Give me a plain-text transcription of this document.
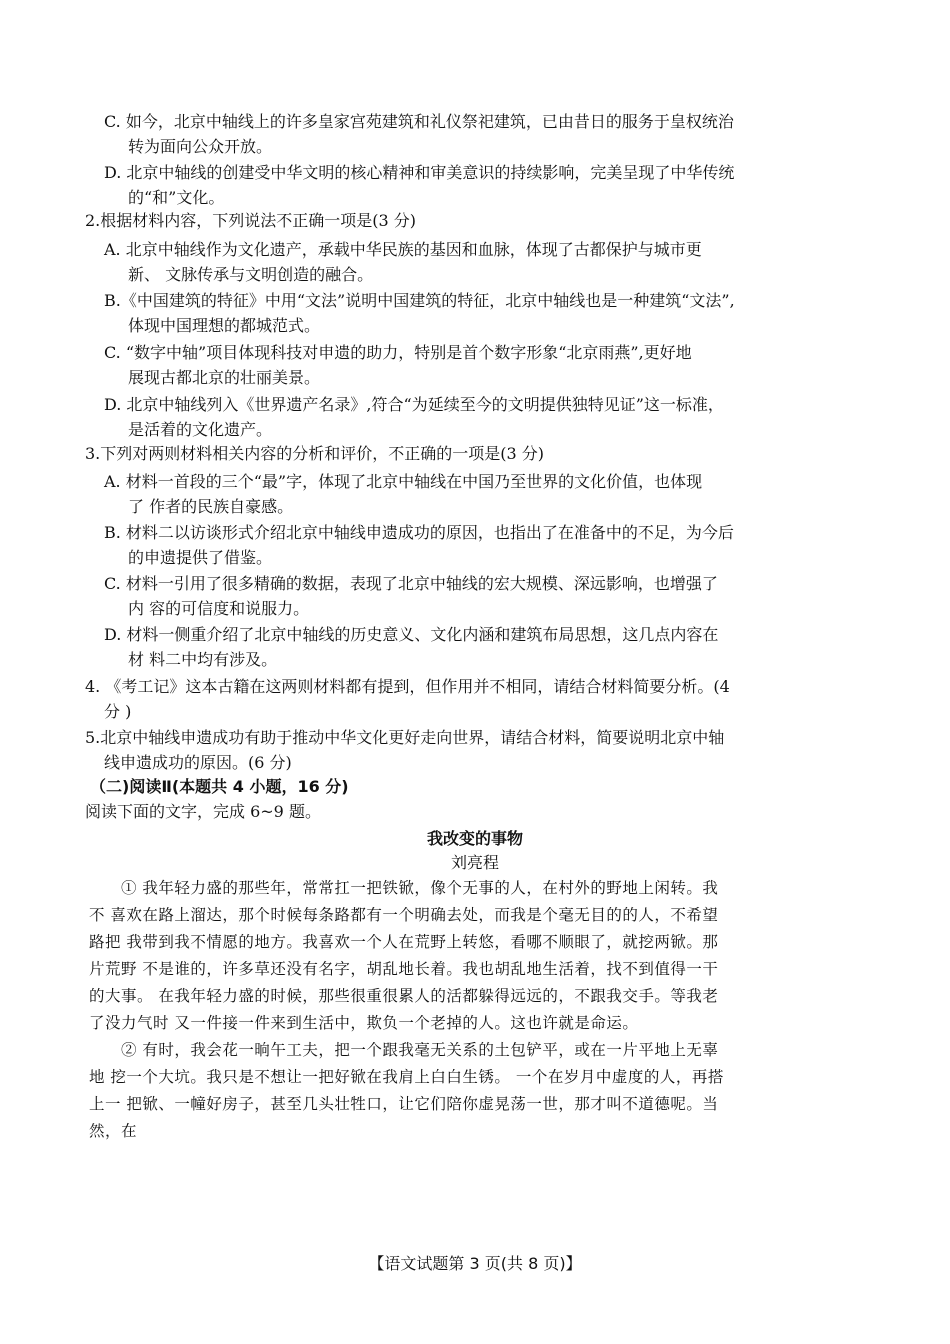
C. 如今，北京中轴线上的许多皇家宫苑建筑和礼仪祭祀建筑，已由昔日的服务于皇权统治
转为面向公众开放。
D. 北京中轴线的创建受中华文明的核心精神和审美意识的持续影响，完美呈现了中华传统
的“和”文化。
2.根据材料内容，下列说法不正确一项是(3 分)
A. 北京中轴线作为文化遗产，承载中华民族的基因和血脉，体现了古都保护与城市更
新、 文脉传承与文明创造的融合。
B.《中国建筑的特征》中用“文法”说明中国建筑的特征，北京中轴线也是一种建筑“文法”,
体现中国理想的都城范式。
C. “数字中轴”项目体现科技对申遗的助力，特别是首个数字形象“北京雨燕”,更好地
展现古都北京的壮丽美景。
D. 北京中轴线列入《世界遗产名录》,符合“为延续至今的文明提供独特见证”这一标准，
是活着的文化遗产。
3.下列对两则材料相关内容的分析和评价，不正确的一项是(3 分)
A. 材料一首段的三个“最”字，体现了北京中轴线在中国乃至世界的文化价值，也体现
了 作者的民族自豪感。
B. 材料二以访谈形式介绍北京中轴线申遗成功的原因，也指出了在准备中的不足，为今后
的申遗提供了借鉴。
C. 材料一引用了很多精确的数据，表现了北京中轴线的宏大规模、深远影响，也增强了
内 容的可信度和说服力。
D. 材料一侧重介绍了北京中轴线的历史意义、文化内涵和建筑布局思想，这几点内容在
材 料二中均有涉及。
4. 《考工记》这本古籍在这两则材料都有提到，但作用并不相同，请结合材料简要分析。(4
分 )
5.北京中轴线申遗成功有助于推动中华文化更好走向世界，请结合材料，简要说明北京中轴
线申遗成功的原因。(6 分)
（二)阅读Ⅱ(本题共 4 小题，16 分)
阅读下面的文字，完成 6~9 题。
我改变的事物
刘亮程
① 我年轻力盛的那些年，常常扛一把铁锨，像个无事的人，在村外的野地上闲转。我
不 喜欢在路上溜达，那个时候每条路都有一个明确去处，而我是个毫无目的的人，不希望
路把 我带到我不情愿的地方。我喜欢一个人在荒野上转悠，看哪不顺眼了，就挖两锨。那
片荒野 不是谁的，许多草还没有名字，胡乱地长着。我也胡乱地生活着，找不到值得一干
的大事。 在我年轻力盛的时候，那些很重很累人的活都躲得远远的，不跟我交手。等我老
了没力气时 又一件接一件来到生活中，欺负一个老掉的人。这也许就是命运。
② 有时，我会花一晌午工夫，把一个跟我毫无关系的土包铲平，或在一片平地上无辜
地 挖一个大坑。我只是不想让一把好锨在我肩上白白生锈。 一个在岁月中虚度的人，再搭
上一 把锨、一幢好房子，甚至几头壮牲口，让它们陪你虚晃荡一世，那才叫不道德呢。当
然，在
【语文试题第 3 页(共 8 页)】
